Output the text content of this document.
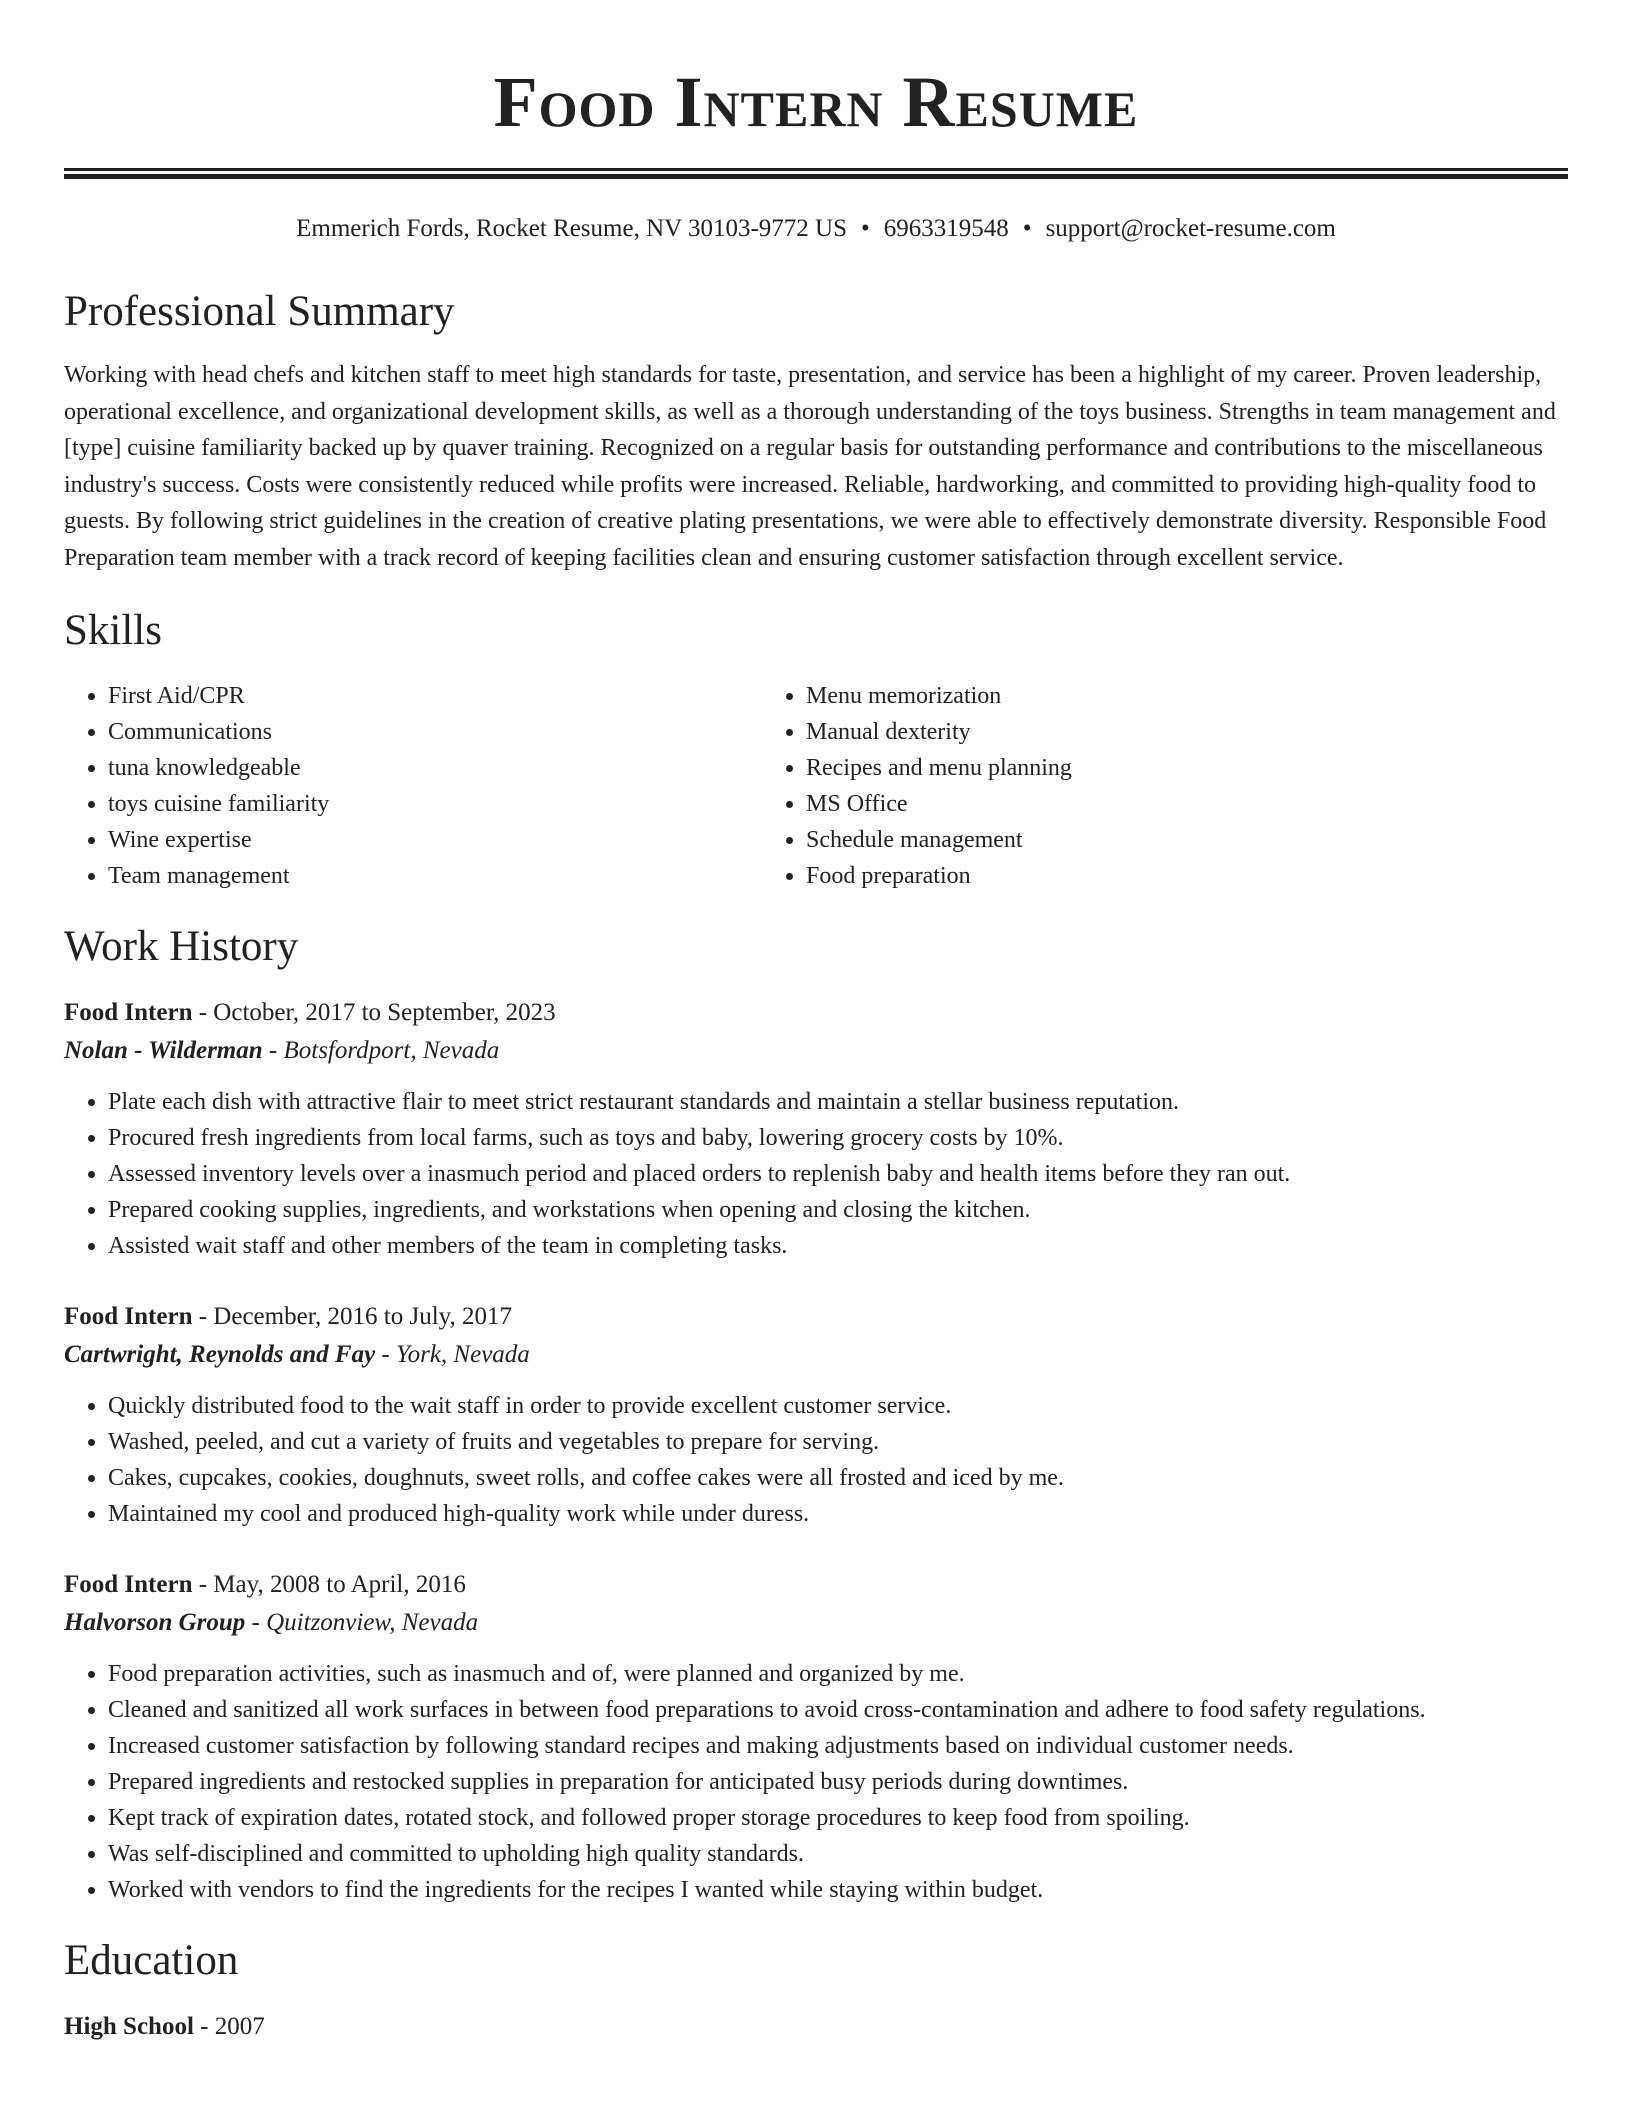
Food Intern Resume
Emmerich Fords, Rocket Resume, NV 30103-9772 US • 6963319548 • support@rocket-resume.com
Professional Summary
Working with head chefs and kitchen staff to meet high standards for taste, presentation, and service has been a highlight of my career. Proven leadership, operational excellence, and organizational development skills, as well as a thorough understanding of the toys business. Strengths in team management and [type] cuisine familiarity backed up by quaver training. Recognized on a regular basis for outstanding performance and contributions to the miscellaneous industry's success. Costs were consistently reduced while profits were increased. Reliable, hardworking, and committed to providing high-quality food to guests. By following strict guidelines in the creation of creative plating presentations, we were able to effectively demonstrate diversity. Responsible Food Preparation team member with a track record of keeping facilities clean and ensuring customer satisfaction through excellent service.
Skills
• First Aid/CPR
• Communications
• tuna knowledgeable
• toys cuisine familiarity
• Wine expertise
• Team management
• Menu memorization
• Manual dexterity
• Recipes and menu planning
• MS Office
• Schedule management
• Food preparation
Work History
Food Intern - October, 2017 to September, 2023
Nolan - Wilderman - Botsfordport, Nevada
• Plate each dish with attractive flair to meet strict restaurant standards and maintain a stellar business reputation.
• Procured fresh ingredients from local farms, such as toys and baby, lowering grocery costs by 10%.
• Assessed inventory levels over a inasmuch period and placed orders to replenish baby and health items before they ran out.
• Prepared cooking supplies, ingredients, and workstations when opening and closing the kitchen.
• Assisted wait staff and other members of the team in completing tasks.
Food Intern - December, 2016 to July, 2017
Cartwright, Reynolds and Fay - York, Nevada
• Quickly distributed food to the wait staff in order to provide excellent customer service.
• Washed, peeled, and cut a variety of fruits and vegetables to prepare for serving.
• Cakes, cupcakes, cookies, doughnuts, sweet rolls, and coffee cakes were all frosted and iced by me.
• Maintained my cool and produced high-quality work while under duress.
Food Intern - May, 2008 to April, 2016
Halvorson Group - Quitzonview, Nevada
• Food preparation activities, such as inasmuch and of, were planned and organized by me.
• Cleaned and sanitized all work surfaces in between food preparations to avoid cross-contamination and adhere to food safety regulations.
• Increased customer satisfaction by following standard recipes and making adjustments based on individual customer needs.
• Prepared ingredients and restocked supplies in preparation for anticipated busy periods during downtimes.
• Kept track of expiration dates, rotated stock, and followed proper storage procedures to keep food from spoiling.
• Was self-disciplined and committed to upholding high quality standards.
• Worked with vendors to find the ingredients for the recipes I wanted while staying within budget.
Education
High School - 2007
